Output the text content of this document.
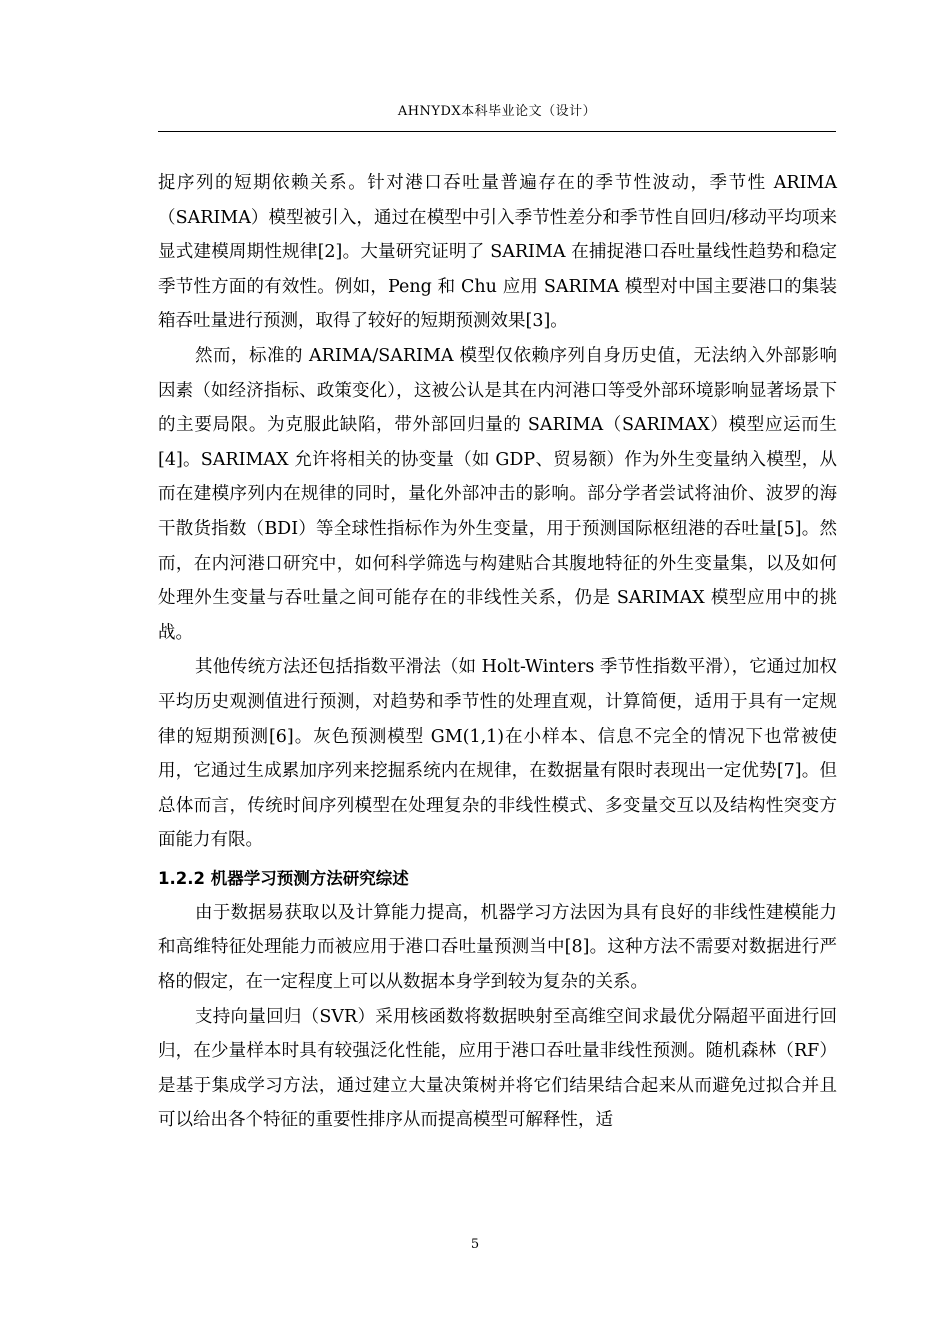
AHNYDX本科毕业论文（设计）

捉序列的短期依赖关系。针对港口吞吐量普遍存在的季节性波动，季节性 ARIMA（SARIMA）模型被引入，通过在模型中引入季节性差分和季节性自回归/移动平均项来显式建模周期性规律[2]。大量研究证明了 SARIMA 在捕捉港口吞吐量线性趋势和稳定季节性方面的有效性。例如，Peng 和 Chu 应用 SARIMA 模型对中国主要港口的集装箱吞吐量进行预测，取得了较好的短期预测效果[3]。

然而，标准的 ARIMA/SARIMA 模型仅依赖序列自身历史值，无法纳入外部影响因素（如经济指标、政策变化），这被公认是其在内河港口等受外部环境影响显著场景下的主要局限。为克服此缺陷，带外部回归量的 SARIMA（SARIMAX）模型应运而生[4]。SARIMAX 允许将相关的协变量（如 GDP、贸易额）作为外生变量纳入模型，从而在建模序列内在规律的同时，量化外部冲击的影响。部分学者尝试将油价、波罗的海干散货指数（BDI）等全球性指标作为外生变量，用于预测国际枢纽港的吞吐量[5]。然而，在内河港口研究中，如何科学筛选与构建贴合其腹地特征的外生变量集，以及如何处理外生变量与吞吐量之间可能存在的非线性关系，仍是 SARIMAX 模型应用中的挑战。

其他传统方法还包括指数平滑法（如 Holt-Winters 季节性指数平滑），它通过加权平均历史观测值进行预测，对趋势和季节性的处理直观，计算简便，适用于具有一定规律的短期预测[6]。灰色预测模型 GM(1,1)在小样本、信息不完全的情况下也常被使用，它通过生成累加序列来挖掘系统内在规律，在数据量有限时表现出一定优势[7]。但总体而言，传统时间序列模型在处理复杂的非线性模式、多变量交互以及结构性突变方面能力有限。

1.2.2 机器学习预测方法研究综述

由于数据易获取以及计算能力提高，机器学习方法因为具有良好的非线性建模能力和高维特征处理能力而被应用于港口吞吐量预测当中[8]。这种方法不需要对数据进行严格的假定，在一定程度上可以从数据本身学到较为复杂的关系。

支持向量回归（SVR）采用核函数将数据映射至高维空间求最优分隔超平面进行回归，在少量样本时具有较强泛化性能，应用于港口吞吐量非线性预测。随机森林（RF）是基于集成学习方法，通过建立大量决策树并将它们结果结合起来从而避免过拟合并且可以给出各个特征的重要性排序从而提高模型可解释性，适

5
